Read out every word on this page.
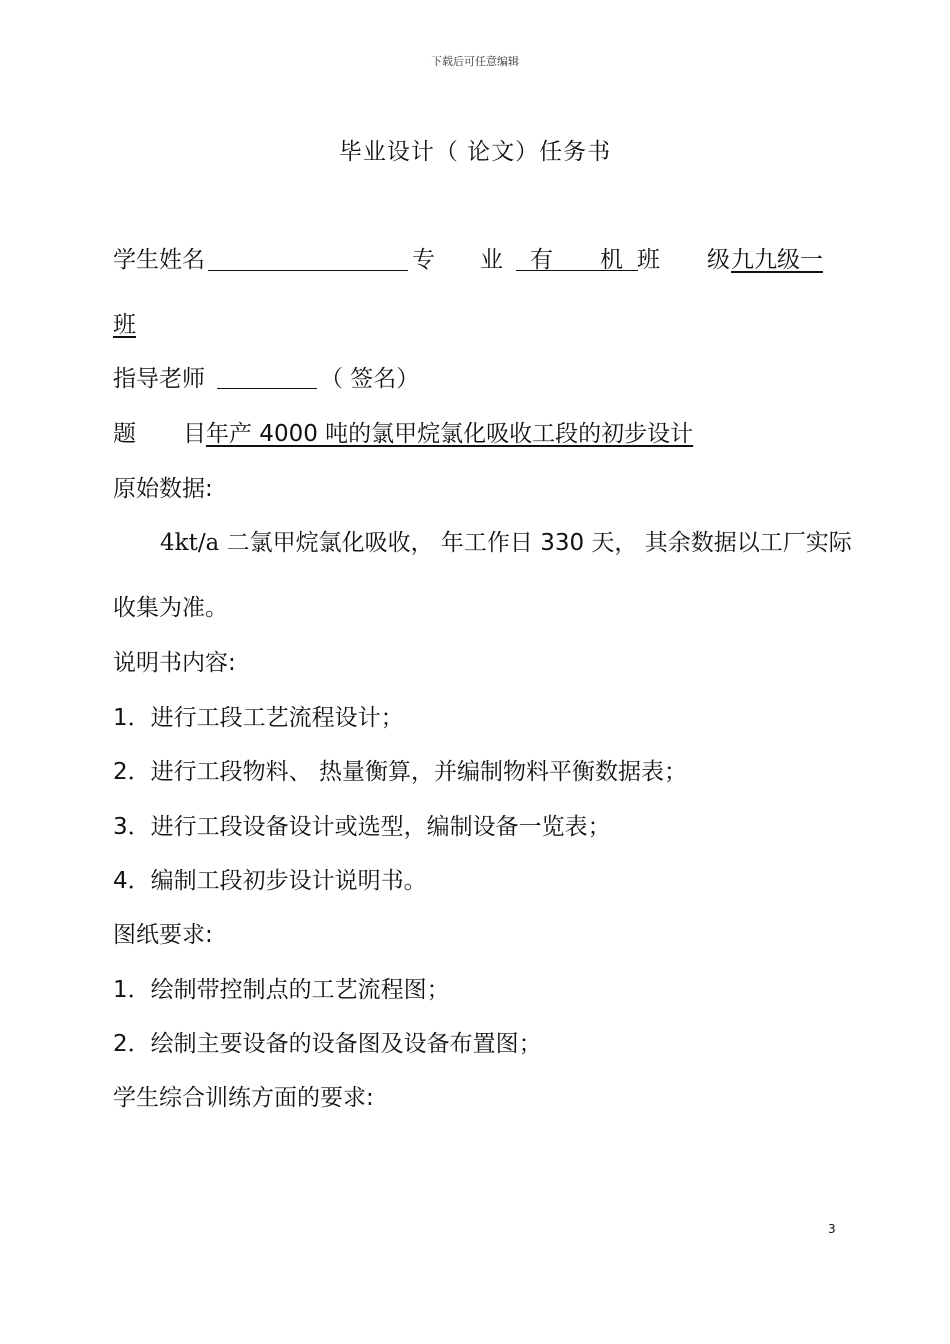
下载后可任意编辑
毕业设计（ 论文）任务书
学生姓名	专 业 有 机 班 级 九九级一
班
指导老师	（ 签名）
题 目 年产 4000 吨的氯甲烷氯化吸收工段的初步设计
原始数据:
4kt/a 二氯甲烷氯化吸收， 年工作日 330 天， 其余数据以工厂实际
收集为准。
说明书内容:
1．进行工段工艺流程设计；
2．进行工段物料、 热量衡算，并编制物料平衡数据表；
3．进行工段设备设计或选型，编制设备一览表；
4．编制工段初步设计说明书。
图纸要求:
1．绘制带控制点的工艺流程图；
2．绘制主要设备的设备图及设备布置图；
学生综合训练方面的要求:
3
